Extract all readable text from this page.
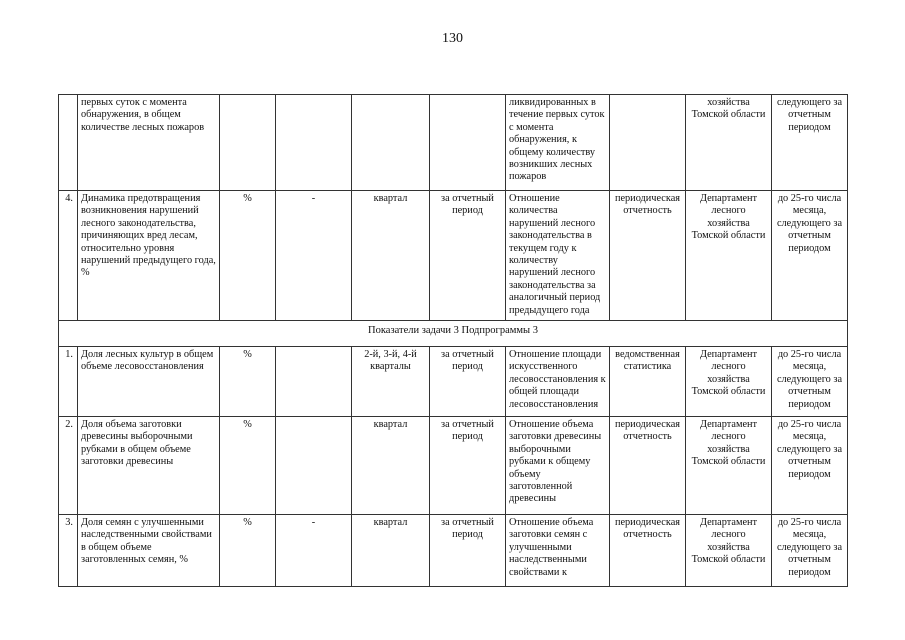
130
	первых суток с момента обнаружения, в общем количестве лесных пожаров					ликвидированных в течение первых суток с момента обнаружения, к общему количеству возникших лесных пожаров		хозяйства Томской области	следующего за отчетным периодом
4.	Динамика предотвращения возникновения нарушений лесного законодательства, причиняющих вред лесам, относительно уровня нарушений предыдущего года, %	%	-	квартал	за отчетный период	Отношение количества нарушений лесного законодательства в текущем году к количеству нарушений лесного законодательства за аналогичный период предыдущего года	периодическая отчетность	Департамент лесного хозяйства Томской области	до 25-го числа месяца, следующего за отчетным периодом
Показатели задачи 3 Подпрограммы 3									
1.	Доля лесных культур в общем объеме лесовосстановления	%		2-й, 3-й, 4-й кварталы	за отчетный период	Отношение площади искусственного лесовосстановления к общей площади лесовосстановления	ведомственная статистика	Департамент лесного хозяйства Томской области	до 25-го числа месяца, следующего за отчетным периодом
2.	Доля объема заготовки древесины выборочными рубками в общем объеме заготовки древесины	%		квартал	за отчетный период	Отношение объема заготовки древесины выборочными рубками к общему объему заготовленной древесины	периодическая отчетность	Департамент лесного хозяйства Томской области	до 25-го числа месяца, следующего за отчетным периодом
3.	Доля семян с улучшенными наследственными свойствами в общем объеме заготовленных семян, %	%	-	квартал	за отчетный период	Отношение объема заготовки семян с улучшенными наследственными свойствами к	периодическая отчетность	Департамент лесного хозяйства Томской области	до 25-го числа месяца, следующего за отчетным периодом
